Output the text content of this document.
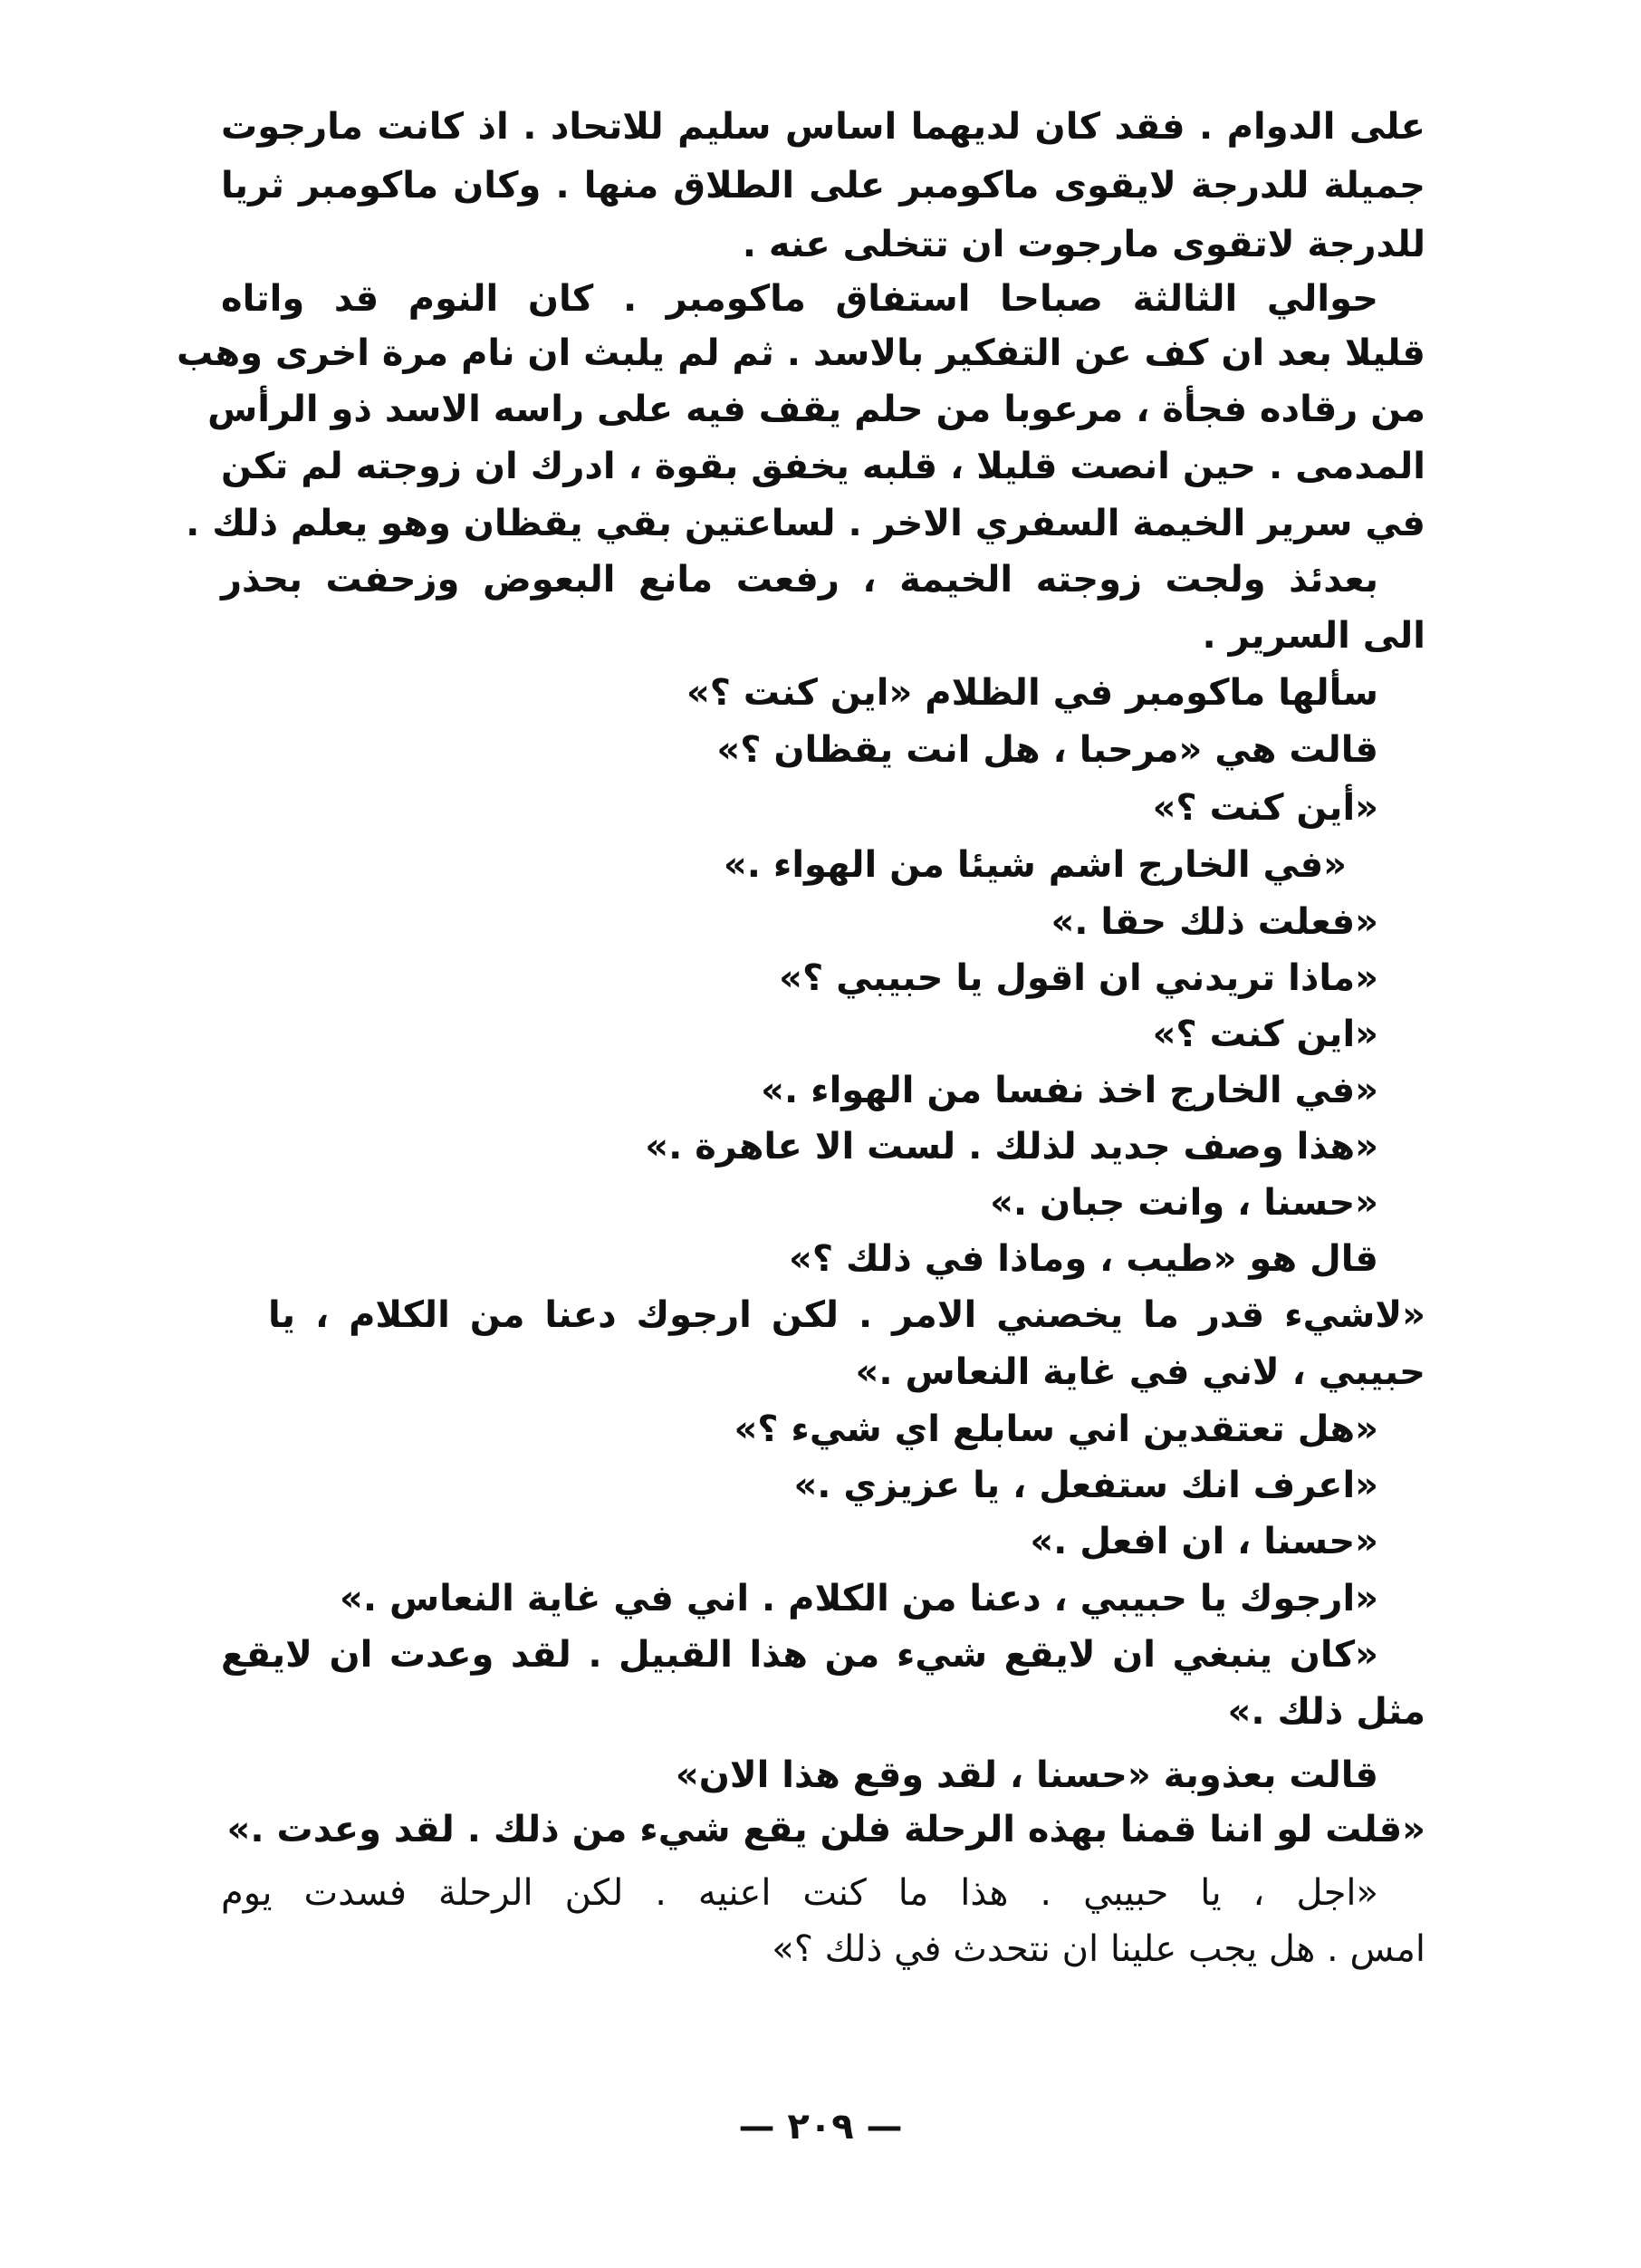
على الدوام . فقد كان لديهما اساس سليم للاتحاد . اذ كانت مارجوت

جميلة للدرجة لايقوى ماكومبر على الطلاق منها . وكان ماكومبر ثريا

للدرجة لاتقوى مارجوت ان تتخلى عنه .

حوالي الثالثة صباحا استفاق ماكومبر . كان النوم قد واتاه

قليلا بعد ان كف عن التفكير بالاسد . ثم لم يلبث ان نام مرة اخرى وهب

من رقاده فجأة ، مرعوبا من حلم يقف فيه على راسه الاسد ذو الرأس

المدمى . حين انصت قليلا ، قلبه يخفق بقوة ، ادرك ان زوجته لم تكن

في سرير الخيمة السفري الاخر . لساعتين بقي يقظان وهو يعلم ذلك .

بعدئذ ولجت زوجته الخيمة ، رفعت مانع البعوض وزحفت بحذر

الى السرير .

سألها ماكومبر في الظلام «اين كنت ؟»

قالت هي «مرحبا ، هل انت يقظان ؟»

«أين كنت ؟»

«في الخارج اشم شيئا من الهواء .»

«فعلت ذلك حقا .»

«ماذا تريدني ان اقول يا حبيبي ؟»

«اين كنت ؟»

«في الخارج اخذ نفسا من الهواء .»

«هذا وصف جديد لذلك . لست الا عاهرة .»

«حسنا ، وانت جبان .»

قال هو «طيب ، وماذا في ذلك ؟»

«لاشيء قدر ما يخصني الامر . لكن ارجوك دعنا من الكلام ، يا

حبيبي ، لاني في غاية النعاس .»

«هل تعتقدين اني سابلع اي شيء ؟»

«اعرف انك ستفعل ، يا عزيزي .»

«حسنا ، ان افعل .»

«ارجوك يا حبيبي ، دعنا من الكلام . اني في غاية النعاس .»

«كان ينبغي ان لايقع شيء من هذا القبيل . لقد وعدت ان لايقع

مثل ذلك .»

قالت بعذوبة «حسنا ، لقد وقع هذا الان»

«قلت لو اننا قمنا بهذه الرحلة فلن يقع شيء من ذلك . لقد وعدت .»

«اجل ، يا حبيبي . هذا ما كنت اعنيه . لكن الرحلة فسدت يوم

امس . هل يجب علينا ان نتحدث في ذلك ؟»

— ٢٠٩ —
